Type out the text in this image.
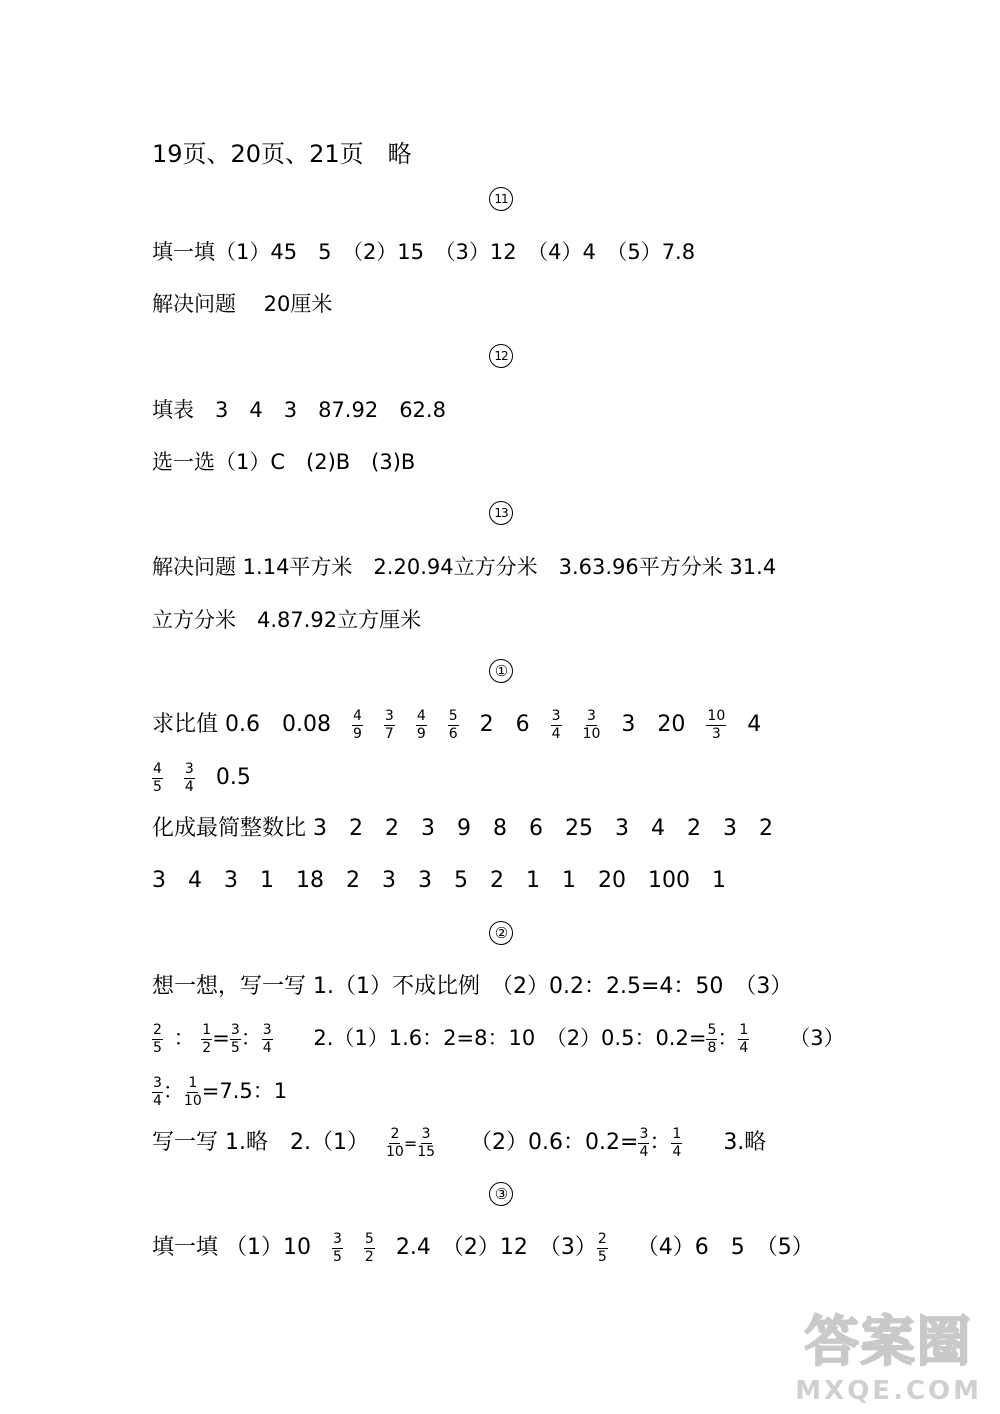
19页、20页、21页　略
11
填一填（1）45　5　（2）15　（3）12　（4）4　（5）7.8
解决问题　 20厘米
12
填表　3　4　3　87.92　62.8
选一选（1）C　(2)B　(3)B
13
解决问题 1.14平方米　2.20.94立方分米　3.63.96平方分米 31.4
立方分米　4.87.92立方厘米
①
求比值 0.6　$0.08 \frac{4}{9}$
$\frac{3}{7}$
$\frac{4}{9}$
$\frac{5}{6} 2$　$6 \frac{3}{4}$
$\frac{3}{10} 3$　$20 \frac{10}{3} 4$
$\frac{4}{5}$
$\frac{3}{4} 0.5$
化成最简整数比 3　2　2　3　9　8　6　25　3　4　2　3　2
3　4　3　1　18　2　3　3　5　2　1　1　20　100　1
②
想一想，写一写 1.（1）不成比例　（2）0.2：2.5=4：50　（3）
$\frac{2}{5}$ ： $\frac{1}{2} = \frac{3}{5}$ ： $\frac{3}{4} 2.(1)1.6$：2=8：10　（2）0.5：$0.2= \frac{5}{8}$ ： $\frac{1}{4} (3)$
$\frac{3}{4}$ ： $\frac{1}{10} =7.5$：1
写一写 1.略　$2.(1) \frac{2}{10} = \frac{3}{15} (2)0.6$：$0.2= \frac{3}{4}$ ： $\frac{1}{4} 3$.略
③
填一填 $(1)10 \frac{3}{5}$
$\frac{5}{2} 2.4$　（2）12　$(3) \frac{2}{5} (4)6$　5　（5）
答案圈
MXQE.COM
